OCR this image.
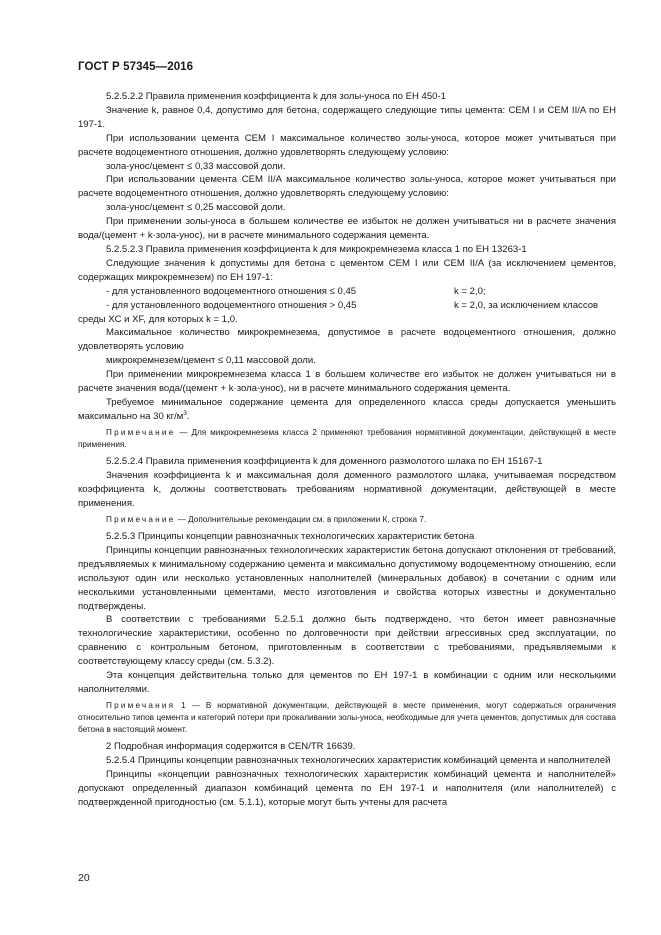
ГОСТ Р 57345—2016

5.2.5.2.2 Правила применения коэффициента k для золы-уноса по ЕН 450-1

Значение k, равное 0,4, допустимо для бетона, содержащего следующие типы цемента: CEM I и CEM II/A по ЕН 197-1.

При использовании цемента CEM I максимальное количество золы-уноса, которое может учитываться при расчете водоцементного отношения, должно удовлетворять следующему условию:

зола-унос/цемент ≤ 0,33 массовой доли.

При использовании цемента CEM II/A максимальное количество золы-уноса, которое может учитываться при расчете водоцементного отношения, должно удовлетворять следующему условию:

зола-унос/цемент ≤ 0,25 массовой доли.

При применении золы-уноса в большем количестве ее избыток не должен учитываться ни в расчете значения вода/(цемент + k·зола-унос), ни в расчете минимального содержания цемента.

5.2.5.2.3 Правила применения коэффициента k для микрокремнезема класса 1 по ЕН 13263-1

Следующие значения k допустимы для бетона с цементом CEM I или CEM II/A (за исключением цементов, содержащих микрокремнезем) по ЕН 197-1:

- для установленного водоцементного отношения ≤ 0,45	k = 2,0;
- для установленного водоцементного отношения > 0,45	k = 2,0, за исключением классов

среды XC и XF, для которых k = 1,0.

Максимальное количество микрокремнезема, допустимое в расчете водоцементного отношения, должно удовлетворять условию

микрокремнезем/цемент ≤ 0,11 массовой доли.

При применении микрокремнезема класса 1 в большем количестве его избыток не должен учитываться ни в расчете значения вода/(цемент + k·зола-унос), ни в расчете минимального содержания цемента.

Требуемое минимальное содержание цемента для определенного класса среды допускается уменьшить максимально на 30 $кг/м^3$.

Примечание — Для микрокремнезема класса 2 применяют требования нормативной документации, действующей в месте применения.

5.2.5.2.4 Правила применения коэффициента k для доменного размолотого шлака по ЕН 15167-1

Значения коэффициента k и максимальная доля доменного размолотого шлака, учитываемая посредством коэффициента k, должны соответствовать требованиям нормативной документации, действующей в месте применения.

Примечание — Дополнительные рекомендации см. в приложении К, строка 7.

5.2.5.3 Принципы концепции равнозначных технологических характеристик бетона

Принципы концепции равнозначных технологических характеристик бетона допускают отклонения от требований, предъявляемых к минимальному содержанию цемента и максимально допустимому водоцементному отношению, если используют один или несколько установленных наполнителей (минеральных добавок) в сочетании с одним или несколькими установленными цементами, место изготовления и свойства которых известны и документально подтверждены.

В соответствии с требованиями 5.2.5.1 должно быть подтверждено, что бетон имеет равнозначные технологические характеристики, особенно по долговечности при действии агрессивных сред эксплуатации, по сравнению с контрольным бетоном, приготовленным в соответствии с требованиями, предъявляемыми к соответствующему классу среды (см. 5.3.2).

Эта концепция действительна только для цементов по ЕН 197-1 в комбинации с одним или несколькими наполнителями.

Примечания 1 — В нормативной документации, действующей в месте применения, могут содержаться ограничения относительно типов цемента и категорий потери при прокаливании золы-уноса, необходимые для учета цементов, допустимых для состава бетона в настоящий момент.

2 Подробная информация содержится в CEN/TR 16639.

5.2.5.4 Принципы концепции равнозначных технологических характеристик комбинаций цемента и наполнителей

Принципы «концепции равнозначных технологических характеристик комбинаций цемента и наполнителей» допускают определенный диапазон комбинаций цемента по ЕН 197-1 и наполнителя (или наполнителей) с подтвержденной пригодностью (см. 5.1.1), которые могут быть учтены для расчета

20
